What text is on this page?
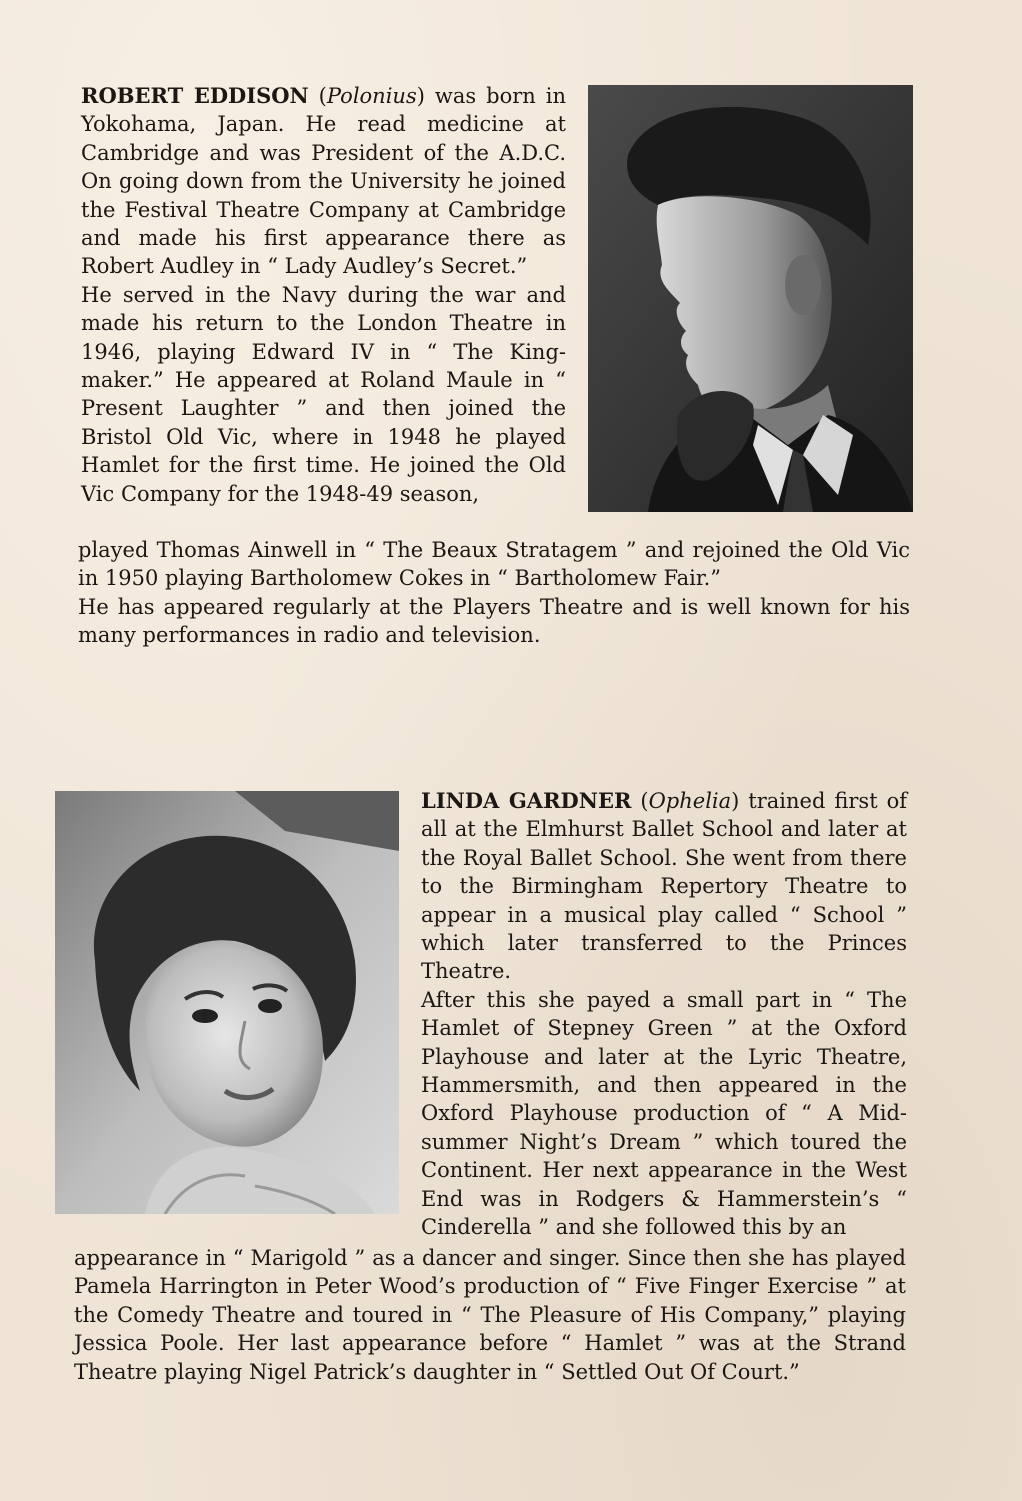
ROBERT EDDISON (Polonius) was born in Yokohama, Japan. He read medicine at Cambridge and was President of the A.D.C. On going down from the University he joined the Festival Theatre Company at Cambridge and made his first appearance there as Robert Audley in “ Lady Audley’s Secret.”

He served in the Navy during the war and made his return to the London Theatre in 1946, playing Edward IV in “ The King-maker.” He appeared at Roland Maule in “ Present Laughter ” and then joined the Bristol Old Vic, where in 1948 he played Hamlet for the first time. He joined the Old Vic Company for the 1948-49 season,

played Thomas Ainwell in “ The Beaux Stratagem ” and rejoined the Old Vic in 1950 playing Bartholomew Cokes in “ Bartholomew Fair.”

He has appeared regularly at the Players Theatre and is well known for his many performances in radio and television.

LINDA GARDNER (Ophelia) trained first of all at the Elmhurst Ballet School and later at the Royal Ballet School. She went from there to the Birmingham Repertory Theatre to appear in a musical play called “ School ” which later transferred to the Princes Theatre.

After this she payed a small part in “ The Hamlet of Stepney Green ” at the Oxford Playhouse and later at the Lyric Theatre, Hammersmith, and then appeared in the Oxford Playhouse production of “ A Mid-summer Night’s Dream ” which toured the Continent. Her next appearance in the West End was in Rodgers & Hammerstein’s “ Cinderella ” and she followed this by an

appearance in “ Marigold ” as a dancer and singer. Since then she has played Pamela Harrington in Peter Wood’s production of “ Five Finger Exercise ” at the Comedy Theatre and toured in “ The Pleasure of His Company,” playing Jessica Poole. Her last appearance before “ Hamlet ” was at the Strand Theatre playing Nigel Patrick’s daughter in “ Settled Out Of Court.”
